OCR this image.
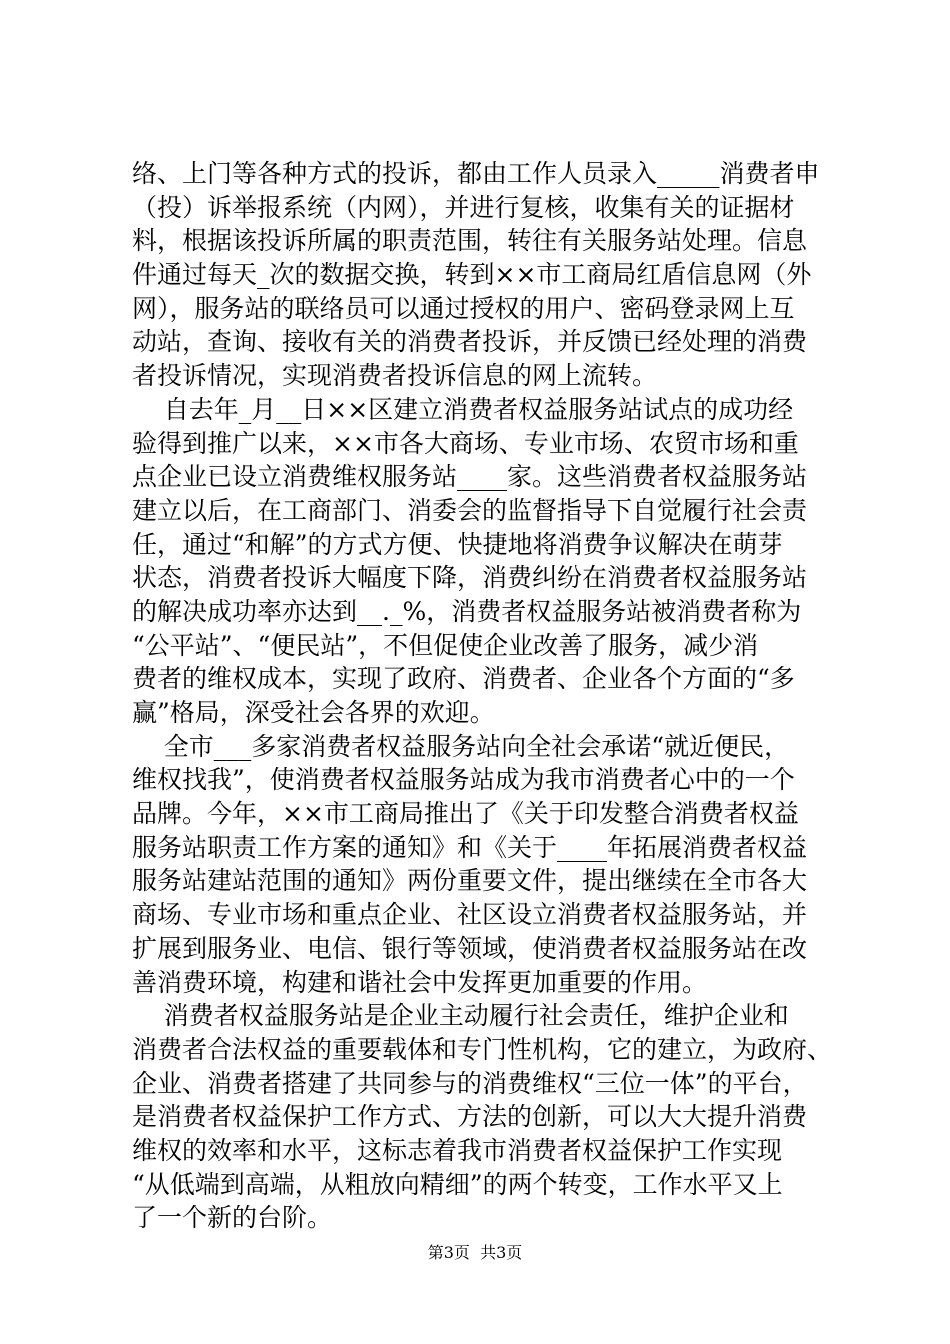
络、上门等各种方式的投诉，都由工作人员录入_____消费者申
（投）诉举报系统（内网），并进行复核，收集有关的证据材
料，根据该投诉所属的职责范围，转往有关服务站处理。信息
件通过每天_次的数据交换，转到××市工商局红盾信息网（外
网），服务站的联络员可以通过授权的用户、密码登录网上互
动站，查询、接收有关的消费者投诉，并反馈已经处理的消费
者投诉情况，实现消费者投诉信息的网上流转。
自去年_月__日××区建立消费者权益服务站试点的成功经
验得到推广以来，××市各大商场、专业市场、农贸市场和重
点企业已设立消费维权服务站____家。这些消费者权益服务站
建立以后，在工商部门、消委会的监督指导下自觉履行社会责
任，通过“和解”的方式方便、快捷地将消费争议解决在萌芽
状态，消费者投诉大幅度下降，消费纠纷在消费者权益服务站
的解决成功率亦达到__._%，消费者权益服务站被消费者称为
“公平站”、“便民站”，不但促使企业改善了服务，减少消
费者的维权成本，实现了政府、消费者、企业各个方面的“多
赢”格局，深受社会各界的欢迎。
全市___多家消费者权益服务站向全社会承诺“就近便民，
维权找我”，使消费者权益服务站成为我市消费者心中的一个
品牌。今年，××市工商局推出了《关于印发整合消费者权益
服务站职责工作方案的通知》和《关于____年拓展消费者权益
服务站建站范围的通知》两份重要文件，提出继续在全市各大
商场、专业市场和重点企业、社区设立消费者权益服务站，并
扩展到服务业、电信、银行等领域，使消费者权益服务站在改
善消费环境，构建和谐社会中发挥更加重要的作用。
消费者权益服务站是企业主动履行社会责任，维护企业和
消费者合法权益的重要载体和专门性机构，它的建立，为政府、
企业、消费者搭建了共同参与的消费维权“三位一体”的平台，
是消费者权益保护工作方式、方法的创新，可以大大提升消费
维权的效率和水平，这标志着我市消费者权益保护工作实现
“从低端到高端，从粗放向精细”的两个转变，工作水平又上
了一个新的台阶。
第3页  共3页
